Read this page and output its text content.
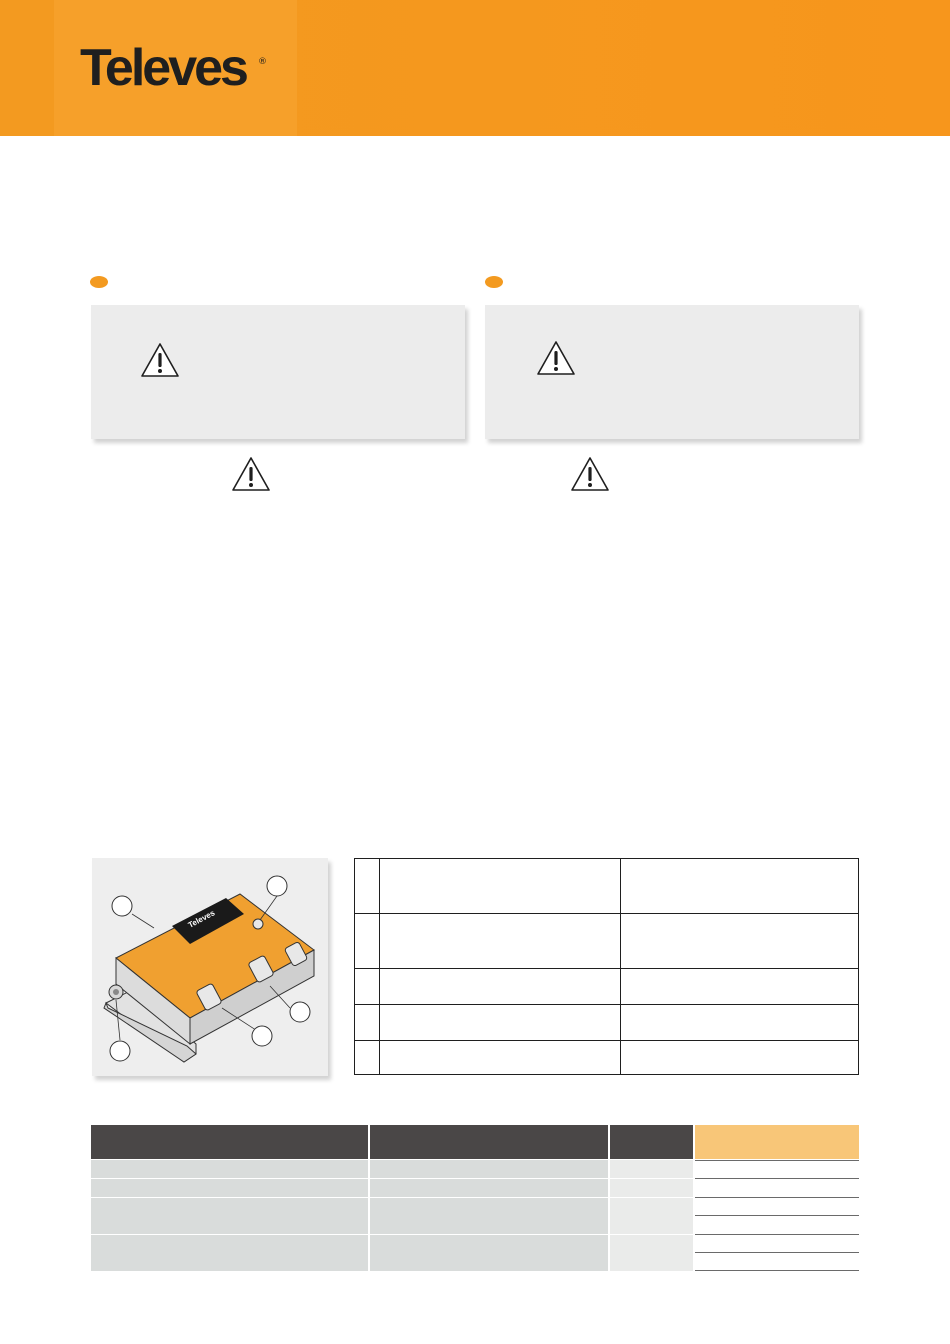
Televes ®
Televes
